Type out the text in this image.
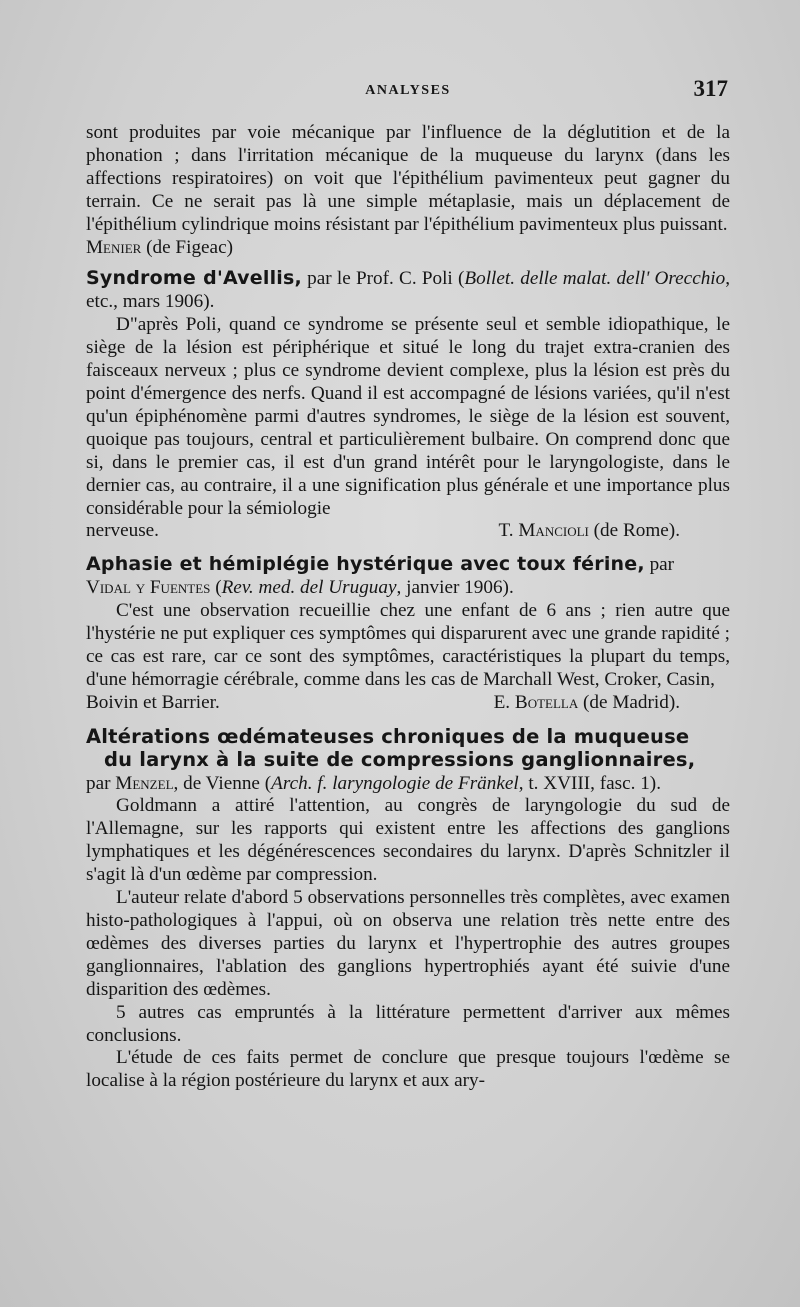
ANALYSES	317

sont produites par voie mécanique par l'influence de la déglutition et de la phonation ; dans l'irritation mécanique de la muqueuse du larynx (dans les affections respiratoires) on voit que l'épithélium pavimenteux peut gagner du terrain. Ce ne serait pas là une simple métaplasie, mais un déplacement de l'épithélium cylindrique moins résistant par l'épithélium pavimenteux plus puissant.

Menier (de Figeac)

Syndrome d'Avellis, par le Prof. C. Poli (Bollet. delle malat. dell' Orecchio, etc., mars 1906).

D"après Poli, quand ce syndrome se présente seul et semble idiopathique, le siège de la lésion est périphérique et situé le long du trajet extra-cranien des faisceaux nerveux ; plus ce syndrome devient complexe, plus la lésion est près du point d'émergence des nerfs. Quand il est accompagné de lésions variées, qu'il n'est qu'un épiphénomène parmi d'autres syndromes, le siège de la lésion est souvent, quoique pas toujours, central et particulièrement bulbaire. On comprend donc que si, dans le premier cas, il est d'un grand intérêt pour le laryngologiste, dans le dernier cas, au contraire, il a une signification plus générale et une importance plus considérable pour la sémiologie

nerveuse.	T. Mancioli (de Rome).

Aphasie et hémiplégie hystérique avec toux férine, par

Vidal y Fuentes (Rev. med. del Uruguay, janvier 1906).

C'est une observation recueillie chez une enfant de 6 ans ; rien autre que l'hystérie ne put expliquer ces symptômes qui disparurent avec une grande rapidité ; ce cas est rare, car ce sont des symptômes, caractéristiques la plupart du temps, d'une hémorragie cérébrale, comme dans les cas de Marchall West, Croker, Casin,

Boivin et Barrier.	E. Botella (de Madrid).

Altérations œdémateuses chroniques de la muqueuse

du larynx à la suite de compressions ganglionnaires,

par Menzel, de Vienne (Arch. f. laryngologie de Fränkel, t. XVIII, fasc. 1).

Goldmann a attiré l'attention, au congrès de laryngologie du sud de l'Allemagne, sur les rapports qui existent entre les affections des ganglions lymphatiques et les dégénérescences secondaires du larynx. D'après Schnitzler il s'agit là d'un œdème par compression.

L'auteur relate d'abord 5 observations personnelles très complètes, avec examen histo-pathologiques à l'appui, où on observa une relation très nette entre des œdèmes des diverses parties du larynx et l'hypertrophie des autres groupes ganglionnaires, l'ablation des ganglions hypertrophiés ayant été suivie d'une disparition des œdèmes.

5 autres cas empruntés à la littérature permettent d'arriver aux mêmes conclusions.

L'étude de ces faits permet de conclure que presque toujours l'œdème se localise à la région postérieure du larynx et aux ary-
